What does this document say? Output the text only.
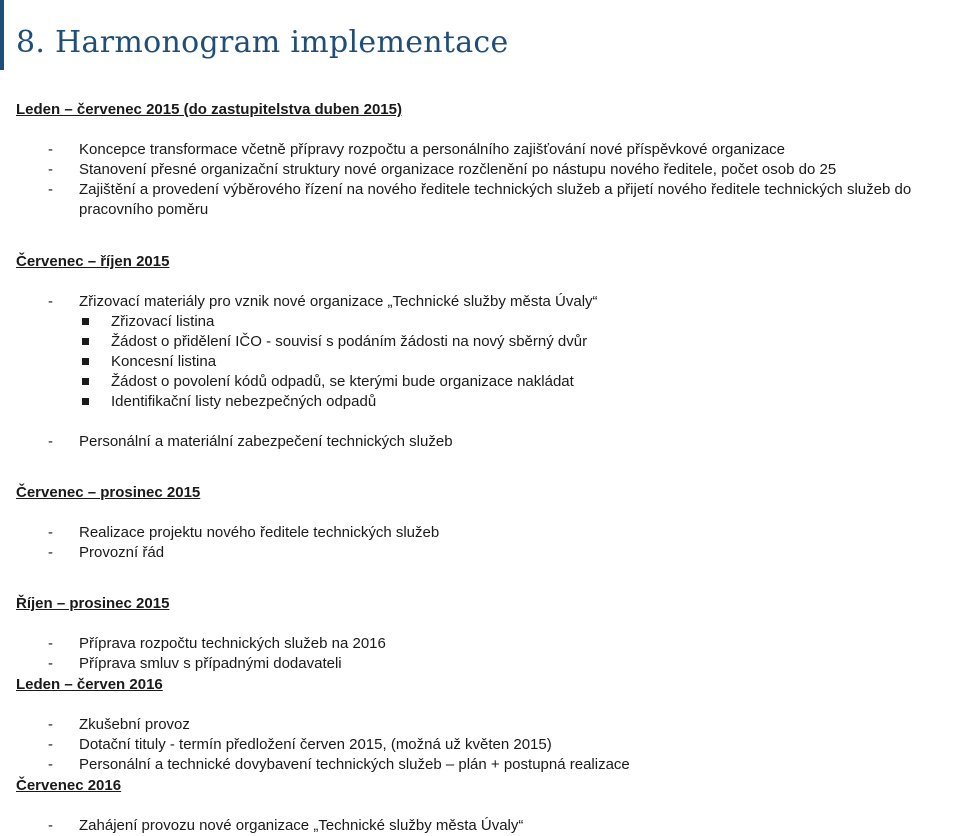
8. Harmonogram implementace

Leden – červenec 2015 (do zastupitelstva duben 2015)

- Koncepce transformace včetně přípravy rozpočtu a personálního zajišťování nové příspěvkové organizace
- Stanovení přesné organizační struktury nové organizace rozčlenění po nástupu nového ředitele, počet osob do 25
- Zajištění a provedení výběrového řízení na nového ředitele technických služeb a přijetí nového ředitele technických služeb do pracovního poměru

Červenec – říjen 2015

- Zřizovací materiály pro vznik nové organizace „Technické služby města Úvaly“
Zřizovací listina
Žádost o přidělení IČO - souvisí s podáním žádosti na nový sběrný dvůr
Koncesní listina
Žádost o povolení kódů odpadů, se kterými bude organizace nakládat
Identifikační listy nebezpečných odpadů
- Personální a materiální zabezpečení technických služeb

Červenec – prosinec 2015

- Realizace projektu nového ředitele technických služeb
- Provozní řád

Říjen – prosinec 2015

- Příprava rozpočtu technických služeb na 2016
- Příprava smluv s případnými dodavateli

Leden – červen 2016

- Zkušební provoz
- Dotační tituly - termín předložení červen 2015, (možná už květen 2015)
- Personální a technické dovybavení technických služeb – plán + postupná realizace

Červenec 2016

- Zahájení provozu nové organizace „Technické služby města Úvaly“
